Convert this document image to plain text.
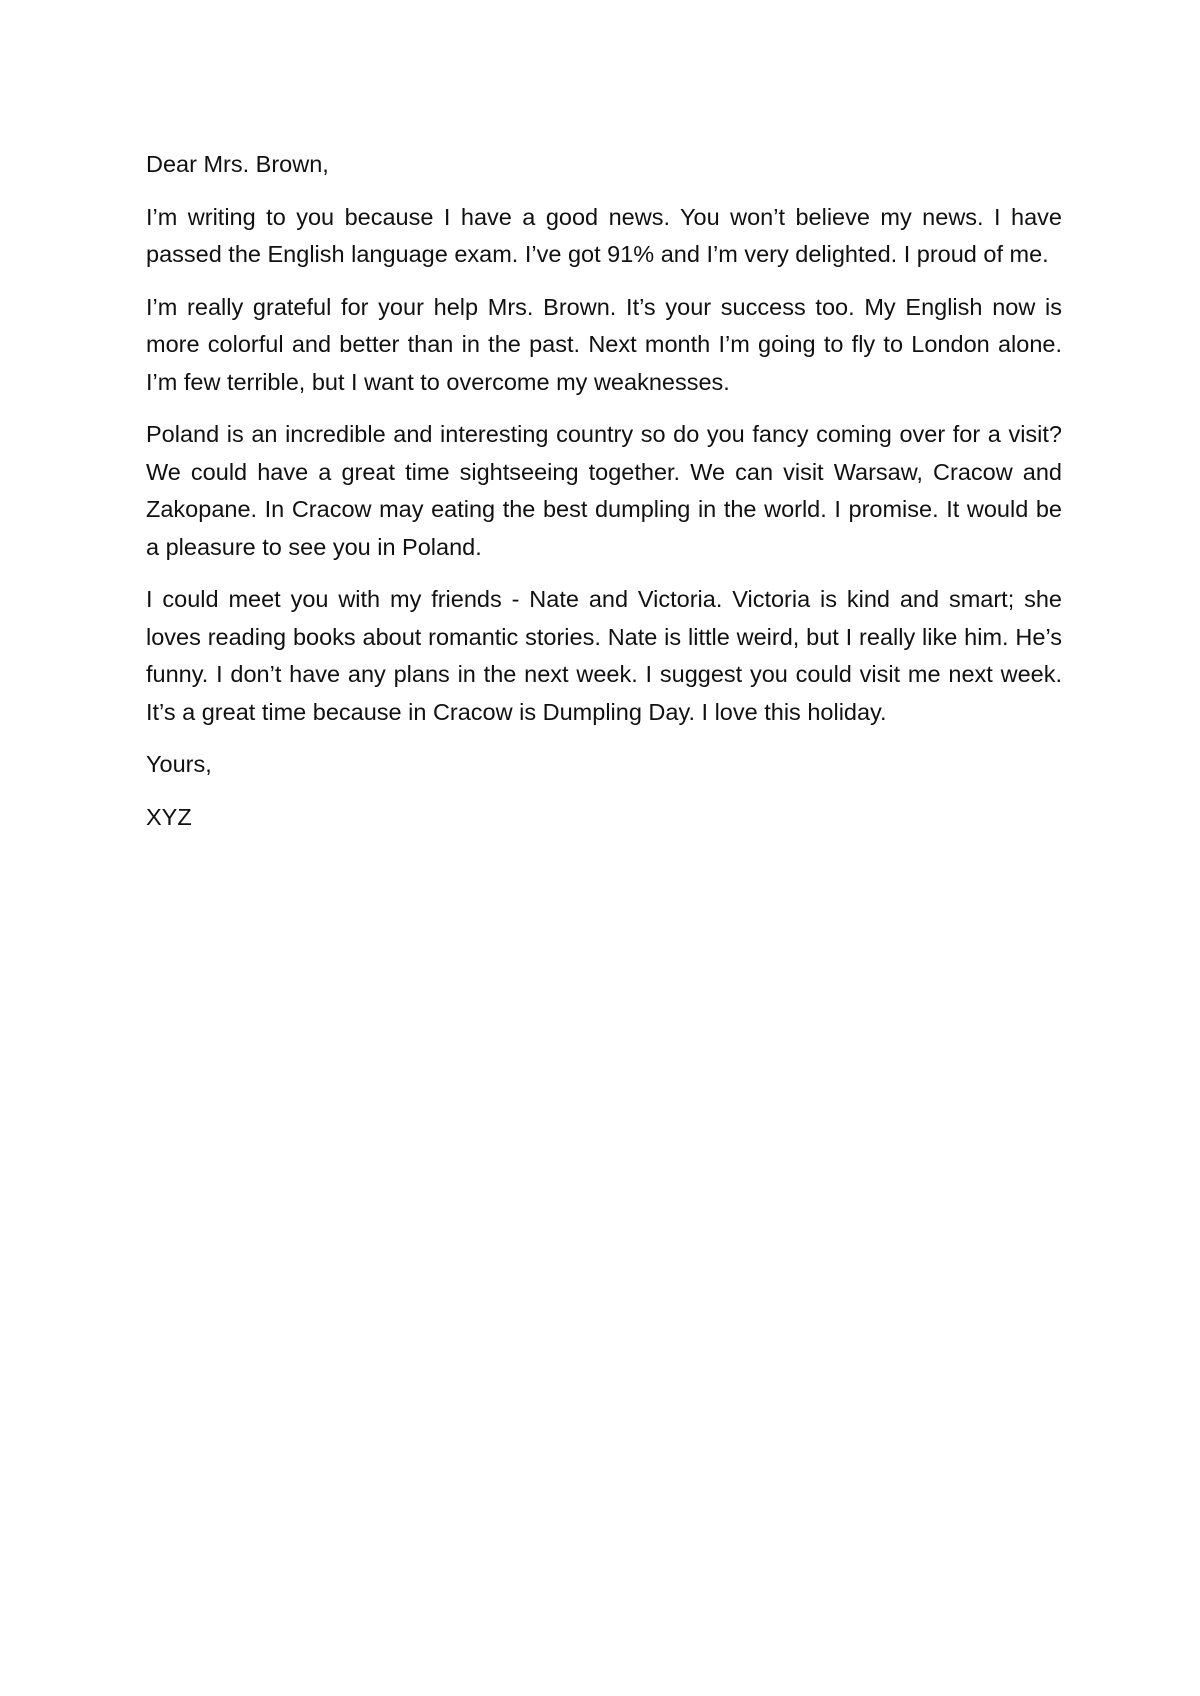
Dear Mrs. Brown,

I’m writing to you because I have a good news. You won’t believe my news. I have passed the English language exam. I’ve got 91% and I’m very delighted. I proud of me.

I’m really grateful for your help Mrs. Brown. It’s your success too. My English now is more colorful and better than in the past. Next month I’m going to fly to London alone. I’m few terrible, but I want to overcome my weaknesses.

Poland is an incredible and interesting country so do you fancy coming over for a visit? We could have a great time sightseeing together. We can visit Warsaw, Cracow and Zakopane. In Cracow may eating the best dumpling in the world. I promise. It would be a pleasure to see you in Poland.

I could meet you with my friends - Nate and Victoria. Victoria is kind and smart; she loves reading books about romantic stories. Nate is little weird, but I really like him. He’s funny. I don’t have any plans in the next week. I suggest you could visit me next week. It’s a great time because in Cracow is Dumpling Day. I love this holiday.

Yours,

XYZ
